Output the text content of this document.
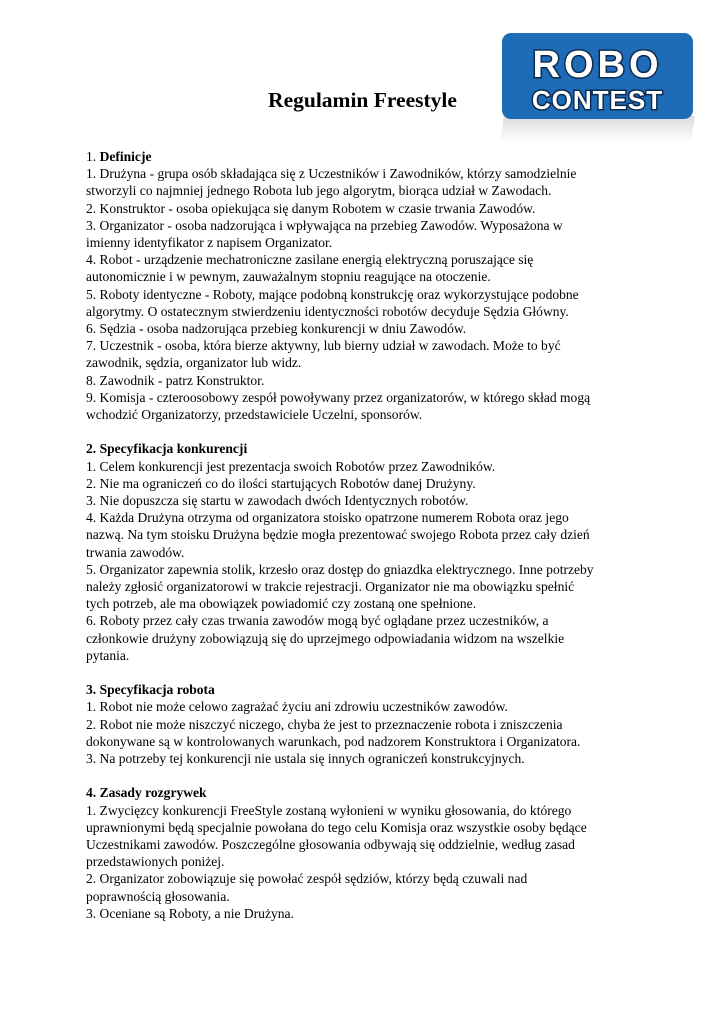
ROBO
CONTEST
Regulamin Freestyle
1. Definicje
1. Drużyna - grupa osób składająca się z Uczestników i Zawodników, którzy samodzielnie
stworzyli co najmniej jednego Robota lub jego algorytm, biorąca udział w Zawodach.
2. Konstruktor - osoba opiekująca się danym Robotem w czasie trwania Zawodów.
3. Organizator - osoba nadzorująca i wpływająca na przebieg Zawodów. Wyposażona w
imienny identyfikator z napisem Organizator.
4. Robot - urządzenie mechatroniczne zasilane energią elektryczną poruszające się
autonomicznie i w pewnym, zauważalnym stopniu reagujące na otoczenie.
5. Roboty identyczne - Roboty, mające podobną konstrukcję oraz wykorzystujące podobne
algorytmy. O ostatecznym stwierdzeniu identyczności robotów decyduje Sędzia Główny.
6. Sędzia - osoba nadzorująca przebieg konkurencji w dniu Zawodów.
7. Uczestnik - osoba, która bierze aktywny, lub bierny udział w zawodach. Może to być
zawodnik, sędzia, organizator lub widz.
8. Zawodnik - patrz Konstruktor.
9. Komisja - czteroosobowy zespół powoływany przez organizatorów, w którego skład mogą
wchodzić Organizatorzy, przedstawiciele Uczelni, sponsorów.
2. Specyfikacja konkurencji
1. Celem konkurencji jest prezentacja swoich Robotów przez Zawodników.
2. Nie ma ograniczeń co do ilości startujących Robotów danej Drużyny.
3. Nie dopuszcza się startu w zawodach dwóch Identycznych robotów.
4. Każda Drużyna otrzyma od organizatora stoisko opatrzone numerem Robota oraz jego
nazwą. Na tym stoisku Drużyna będzie mogła prezentować swojego Robota przez cały dzień
trwania zawodów.
5. Organizator zapewnia stolik, krzesło oraz dostęp do gniazdka elektrycznego. Inne potrzeby
należy zgłosić organizatorowi w trakcie rejestracji. Organizator nie ma obowiązku spełnić
tych potrzeb, ale ma obowiązek powiadomić czy zostaną one spełnione.
6. Roboty przez cały czas trwania zawodów mogą być oglądane przez uczestników, a
członkowie drużyny zobowiązują się do uprzejmego odpowiadania widzom na wszelkie
pytania.
3. Specyfikacja robota
1. Robot nie może celowo zagrażać życiu ani zdrowiu uczestników zawodów.
2. Robot nie może niszczyć niczego, chyba że jest to przeznaczenie robota i zniszczenia
dokonywane są w kontrolowanych warunkach, pod nadzorem Konstruktora i Organizatora.
3. Na potrzeby tej konkurencji nie ustala się innych ograniczeń konstrukcyjnych.
4. Zasady rozgrywek
1. Zwycięzcy konkurencji FreeStyle zostaną wyłonieni w wyniku głosowania, do którego
uprawnionymi będą specjalnie powołana do tego celu Komisja oraz wszystkie osoby będące
Uczestnikami zawodów. Poszczególne głosowania odbywają się oddzielnie, według zasad
przedstawionych poniżej.
2. Organizator zobowiązuje się powołać zespół sędziów, którzy będą czuwali nad
poprawnością głosowania.
3. Oceniane są Roboty, a nie Drużyna.
